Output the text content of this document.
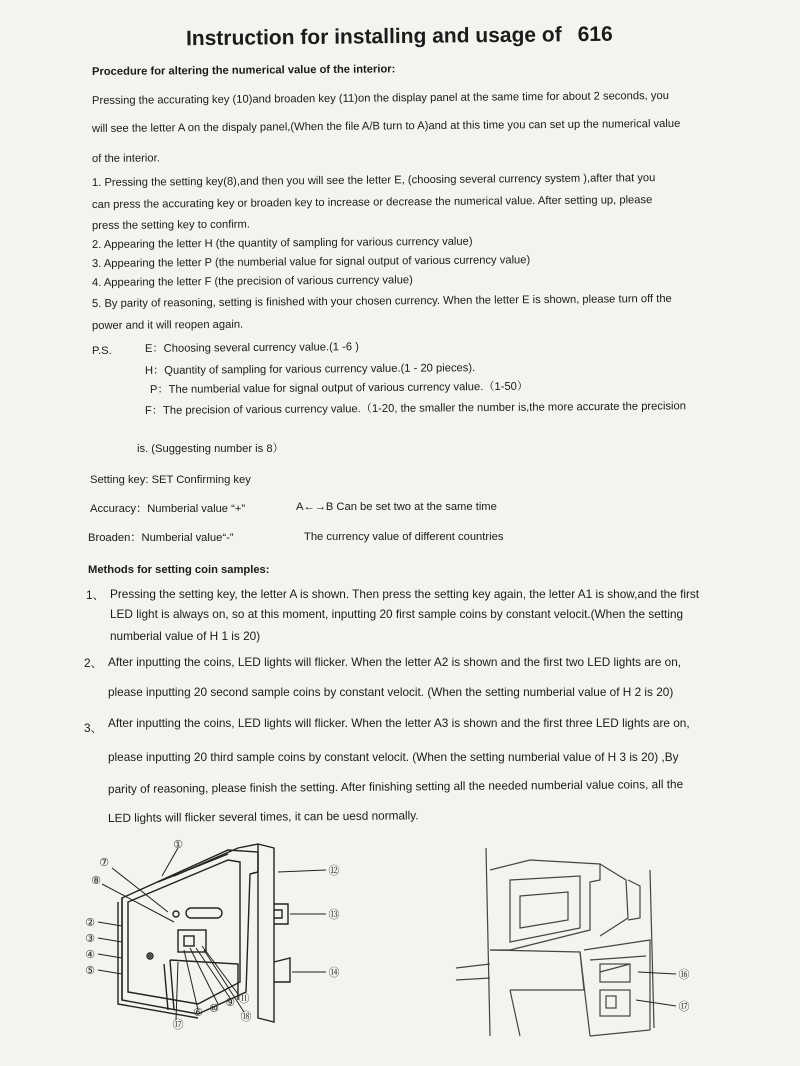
Instruction for installing and usage of 616
Procedure for altering the numerical value of the interior:
Pressing the accurating key (10)and broaden key (11)on the display panel at the same time for about 2 seconds, you
will see the letter A on the dispaly panel,(When the file A/B turn to A)and at this time you can set up the numerical value
of the interior.
1. Pressing the setting key(8),and then you will see the letter E, (choosing several currency system ),after that you
can press the accurating key or broaden key to increase or decrease the numerical value. After setting up, please
press the setting key to confirm.
2. Appearing the letter H (the quantity of sampling for various currency value)
3. Appearing the letter P (the numberial value for signal output of various currency value)
4. Appearing the letter F (the precision of various currency value)
5. By parity of reasoning, setting is finished with your chosen currency. When the letter E is shown, please turn off the
power and it will reopen again.
P.S.	E：Choosing several currency value.(1 -6 )
H：Quantity of sampling for various currency value.(1 - 20 pieces).
P：The numberial value for signal output of various currency value.（1-50）
F：The precision of various currency value.（1-20, the smaller the number is,the more accurate the precision
is. (Suggesting number is 8）
Setting key: SET Confirming key
Accuracy：Numberial value “+”	A←→B Can be set two at the same time
Broaden：Numberial value“-”	The currency value of different countries
Methods for setting coin samples:
1、 Pressing the setting key, the letter A is shown. Then press the setting key again, the letter A1 is show,and the first
LED light is always on, so at this moment, inputting 20 first sample coins by constant velocit.(When the setting
numberial value of H 1 is 20)
2、 After inputting the coins, LED lights will flicker. When the letter A2 is shown and the first two LED lights are on,
please inputting 20 second sample coins by constant velocit. (When the setting numberial value of H 2 is 20)
3、 After inputting the coins, LED lights will flicker. When the letter A3 is shown and the first three LED lights are on,
please inputting 20 third sample coins by constant velocit. (When the setting numberial value of H 3 is 20) ,By
parity of reasoning, please finish the setting. After finishing setting all the needed numberial value coins, all the
LED lights will flicker several times, it can be uesd normally.
①
②
③
④
⑤
⑦
⑧
⑥ ⑩ ⑨ ⑪
⑱
⑰
⑫
⑬
⑭	⑯
⑰
